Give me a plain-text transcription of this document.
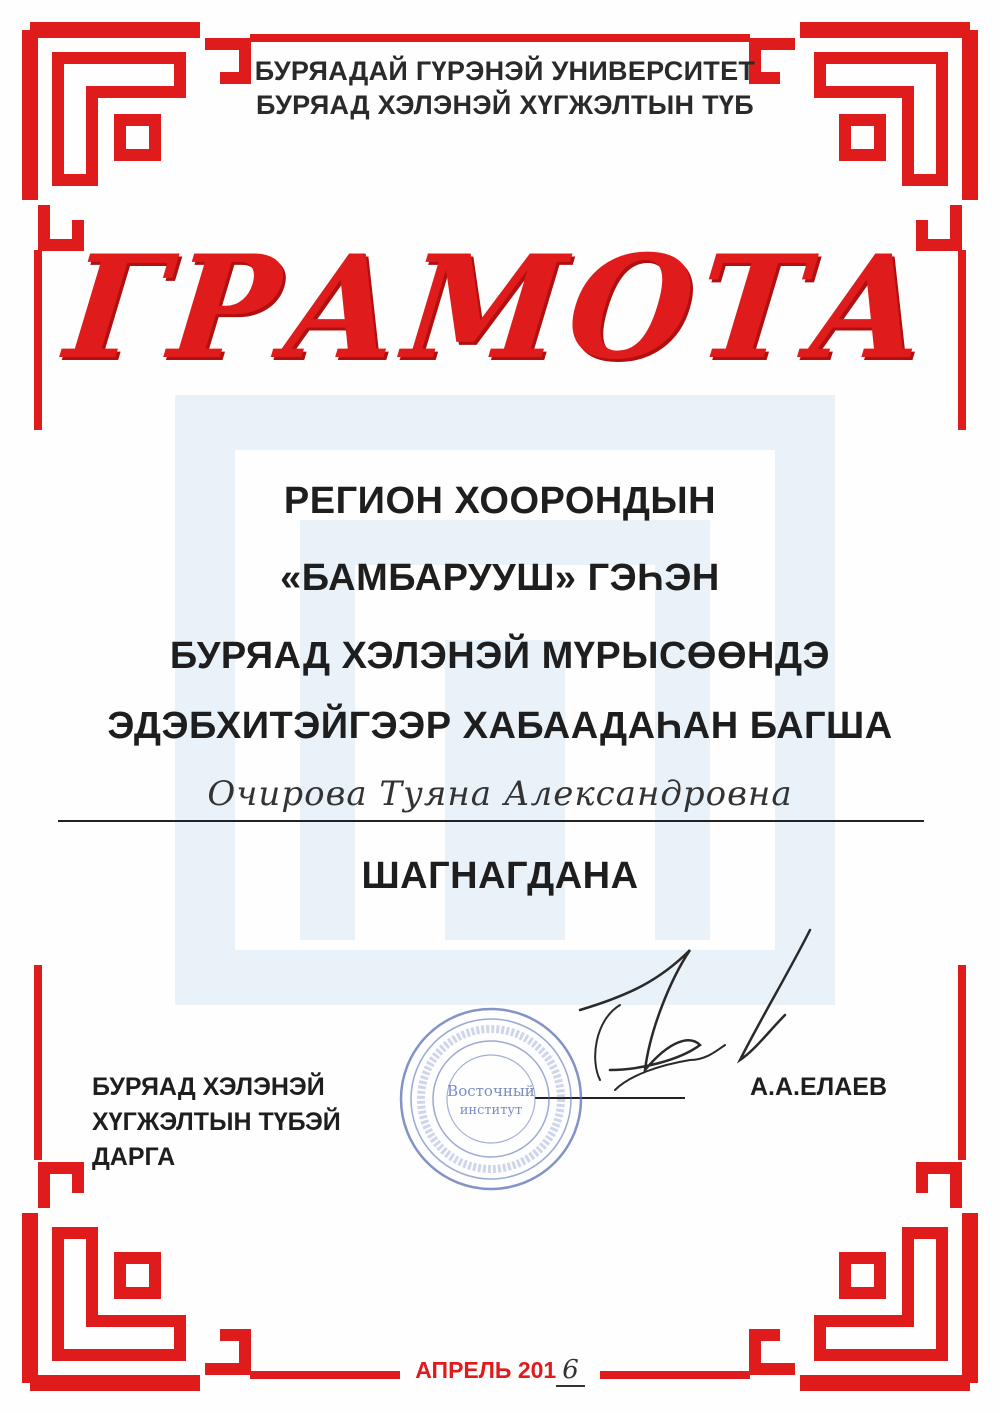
БУРЯАДАЙ ГҮРЭНЭЙ УНИВЕРСИТЕТ
БУРЯАД ХЭЛЭНЭЙ ХҮГЖЭЛТЫН ТҮБ
ГРАМОТА
РЕГИОН ХООРОНДЫН
«БАМБАРУУШ» ГЭҺЭН
БУРЯАД ХЭЛЭНЭЙ МҮРЫСӨӨНДЭ
ЭДЭБХИТЭЙГЭЭР ХАБААДАҺАН БАГША
Очирова Туяна Александровна
ШАГНАГДАНА
БУРЯАД ХЭЛЭНЭЙ
ХҮГЖЭЛТЫН ТҮБЭЙ
ДАРГА
А.А.ЕЛАЕВ
Восточный
институт
АПРЕЛЬ 201 6
